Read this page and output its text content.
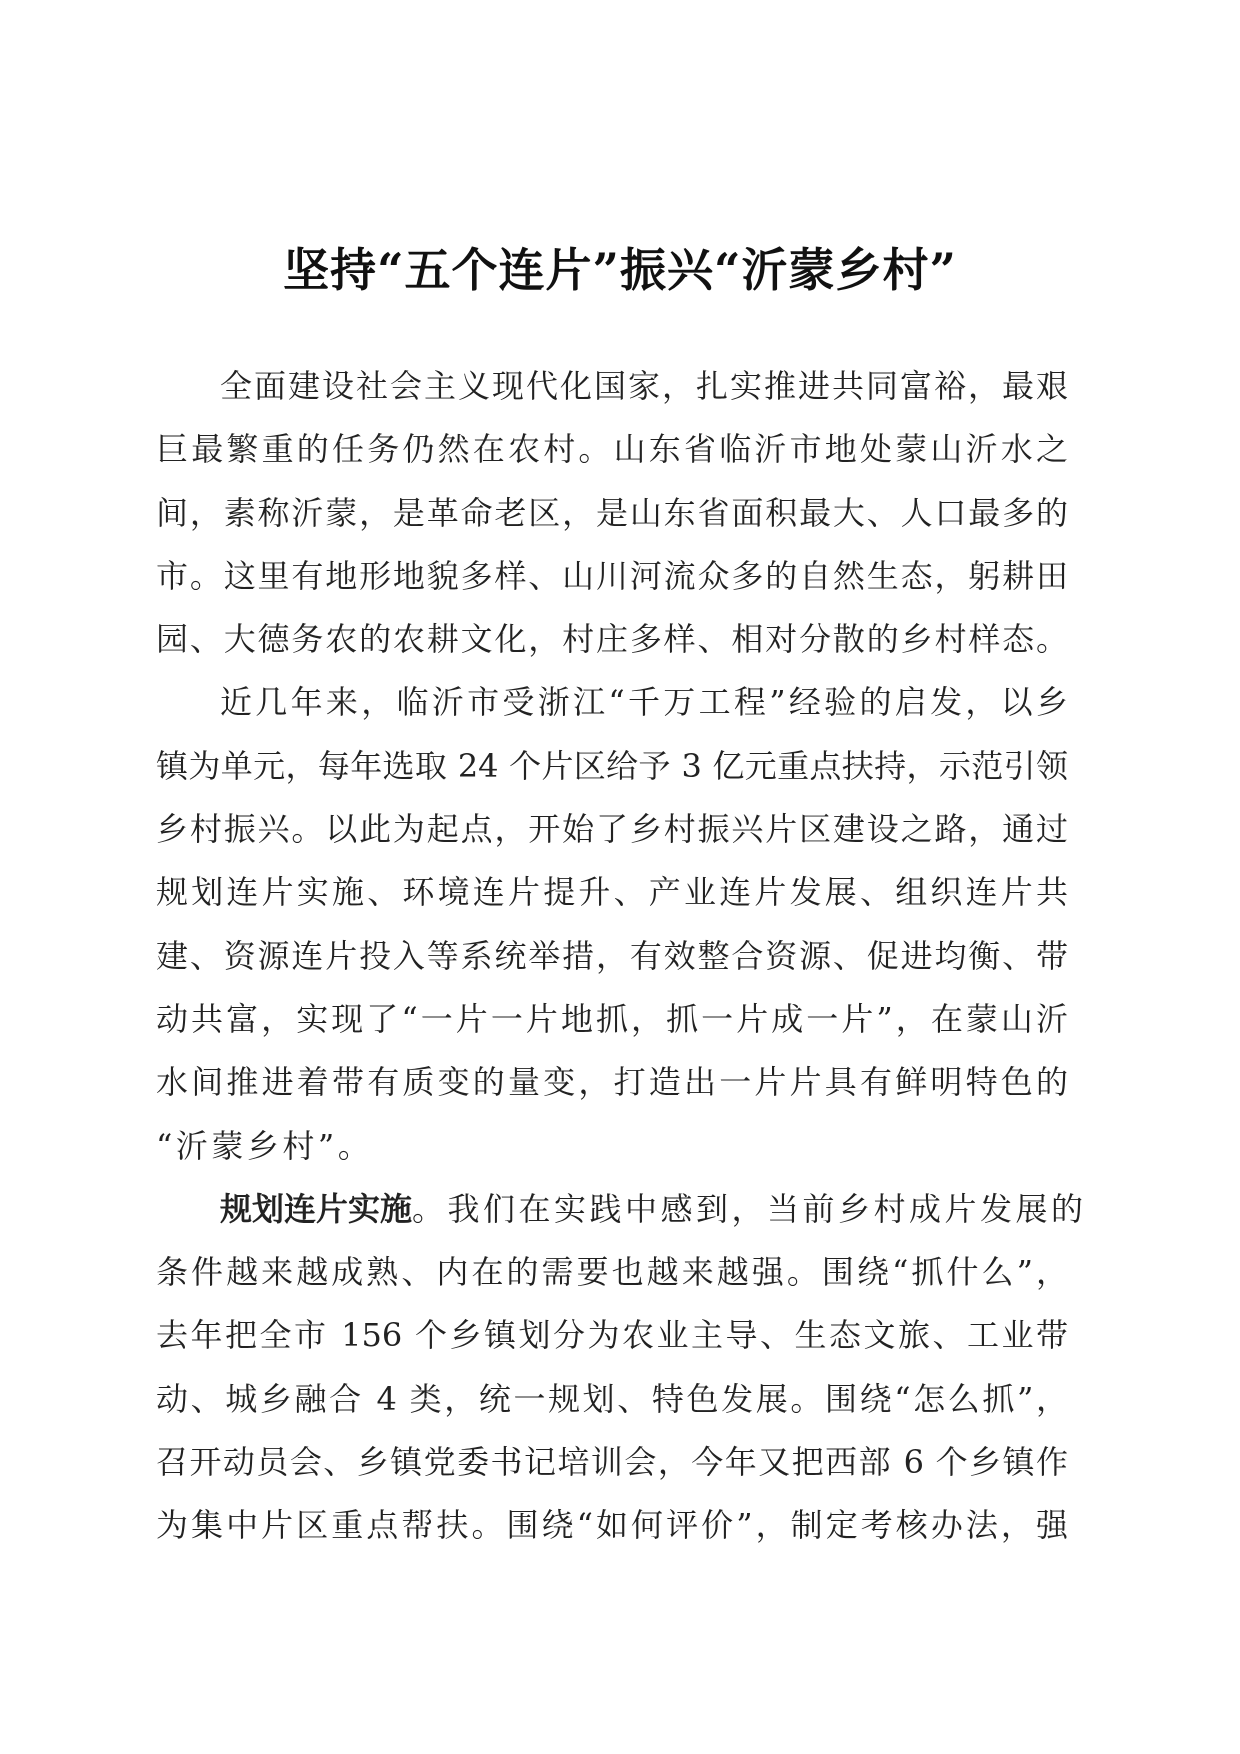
坚持“五个连片”振兴“沂蒙乡村”
全面建设社会主义现代化国家，扎实推进共同富裕，最艰
巨最繁重的任务仍然在农村。山东省临沂市地处蒙山沂水之
间，素称沂蒙，是革命老区，是山东省面积最大、人口最多的
市。这里有地形地貌多样、山川河流众多的自然生态，躬耕田
园、大德务农的农耕文化，村庄多样、相对分散的乡村样态。
近几年来，临沂市受浙江“千万工程”经验的启发，以乡
镇为单元，每年选取 24 个片区给予 3 亿元重点扶持，示范引领
乡村振兴。以此为起点，开始了乡村振兴片区建设之路，通过
规划连片实施、环境连片提升、产业连片发展、组织连片共
建、资源连片投入等系统举措，有效整合资源、促进均衡、带
动共富，实现了“一片一片地抓，抓一片成一片”，在蒙山沂
水间推进着带有质变的量变，打造出一片片具有鲜明特色的
“沂蒙乡村”。
规划连片实施。我们在实践中感到，当前乡村成片发展的
条件越来越成熟、内在的需要也越来越强。围绕“抓什么”，
去年把全市 156 个乡镇划分为农业主导、生态文旅、工业带
动、城乡融合 4 类，统一规划、特色发展。围绕“怎么抓”，
召开动员会、乡镇党委书记培训会，今年又把西部 6 个乡镇作
为集中片区重点帮扶。围绕“如何评价”，制定考核办法，强
